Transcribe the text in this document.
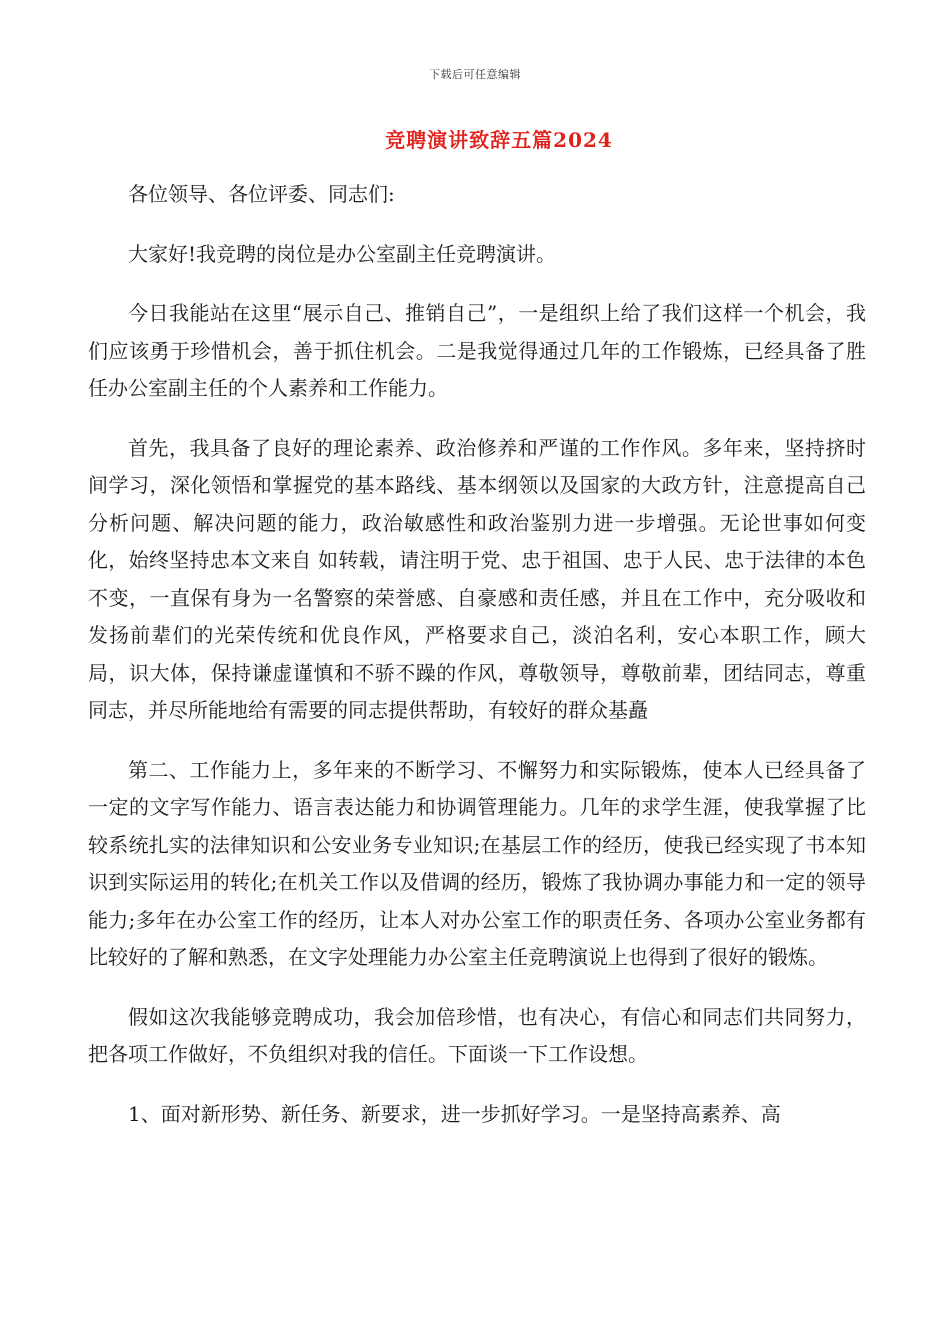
下载后可任意编辑
竞聘演讲致辞五篇2024

各位领导、各位评委、同志们:

大家好!我竞聘的岗位是办公室副主任竞聘演讲。

今日我能站在这里“展示自己、推销自己”，一是组织上给了我们这样一个机会，我们应该勇于珍惜机会，善于抓住机会。二是我觉得通过几年的工作锻炼，已经具备了胜任办公室副主任的个人素养和工作能力。

首先，我具备了良好的理论素养、政治修养和严谨的工作作风。多年来，坚持挤时间学习，深化领悟和掌握党的基本路线、基本纲领以及国家的大政方针，注意提高自己分析问题、解决问题的能力，政治敏感性和政治鉴别力进一步增强。无论世事如何变化，始终坚持忠本文来自 如转载，请注明于党、忠于祖国、忠于人民、忠于法律的本色不变，一直保有身为一名警察的荣誉感、自豪感和责任感，并且在工作中，充分吸收和发扬前辈们的光荣传统和优良作风，严格要求自己，淡泊名利，安心本职工作，顾大局，识大体，保持谦虚谨慎和不骄不躁的作风，尊敬领导，尊敬前辈，团结同志，尊重同志，并尽所能地给有需要的同志提供帮助，有较好的群众基矗

第二、工作能力上，多年来的不断学习、不懈努力和实际锻炼，使本人已经具备了一定的文字写作能力、语言表达能力和协调管理能力。几年的求学生涯，使我掌握了比较系统扎实的法律知识和公安业务专业知识;在基层工作的经历，使我已经实现了书本知识到实际运用的转化;在机关工作以及借调的经历，锻炼了我协调办事能力和一定的领导能力;多年在办公室工作的经历，让本人对办公室工作的职责任务、各项办公室业务都有比较好的了解和熟悉，在文字处理能力办公室主任竞聘演说上也得到了很好的锻炼。

假如这次我能够竞聘成功，我会加倍珍惜，也有决心，有信心和同志们共同努力，把各项工作做好，不负组织对我的信任。下面谈一下工作设想。

1、面对新形势、新任务、新要求，进一步抓好学习。一是坚持高素养、高
